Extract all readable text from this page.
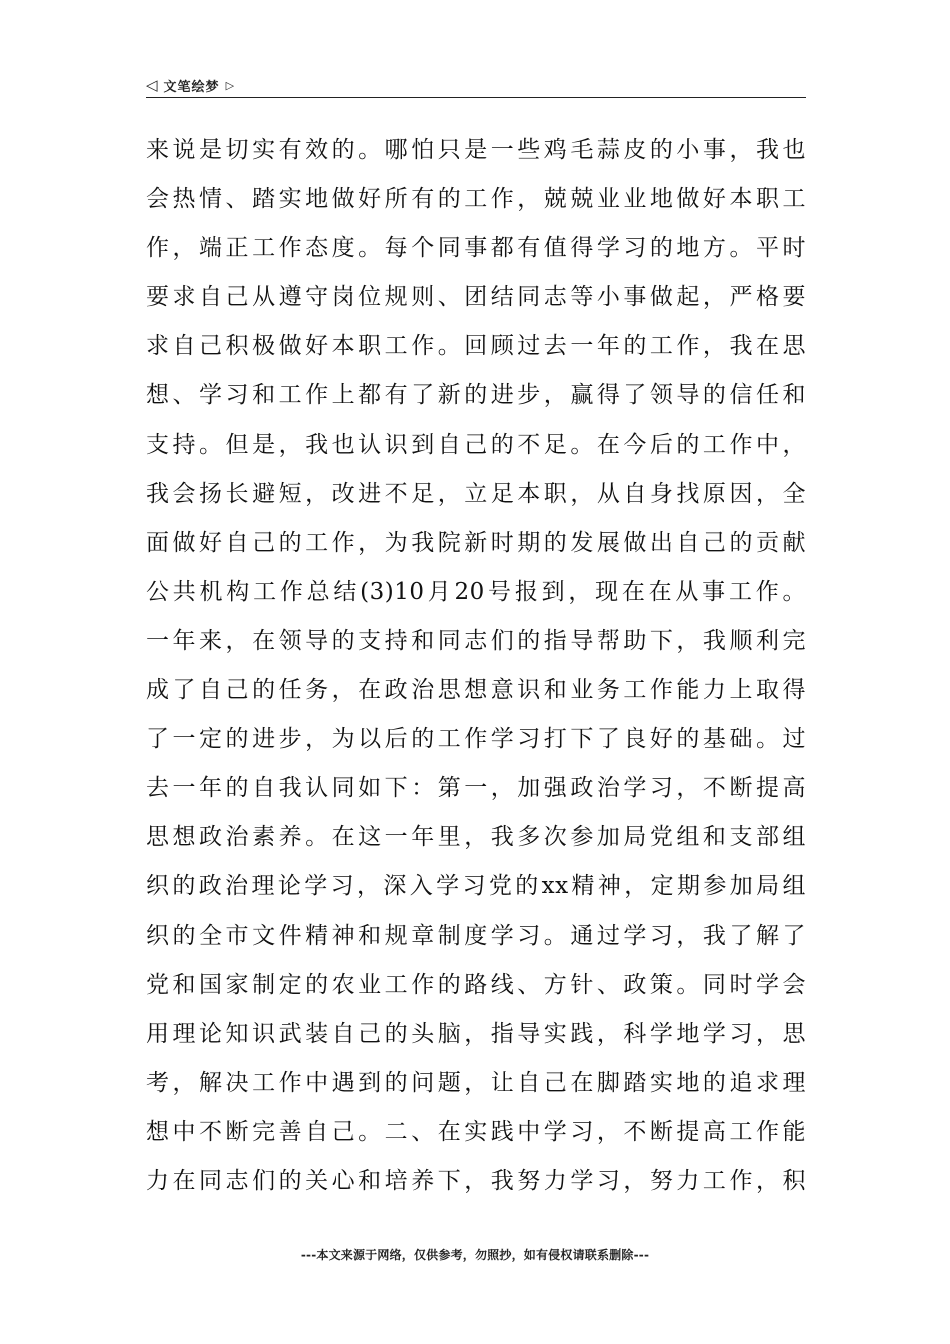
◁ 文笔绘梦 ▷
来说是切实有效的。哪怕只是一些鸡毛蒜皮的小事，我也
会热情、踏实地做好所有的工作，兢兢业业地做好本职工
作，端正工作态度。每个同事都有值得学习的地方。平时
要求自己从遵守岗位规则、团结同志等小事做起，严格要
求自己积极做好本职工作。回顾过去一年的工作，我在思
想、学习和工作上都有了新的进步，赢得了领导的信任和
支持。但是，我也认识到自己的不足。在今后的工作中，
我会扬长避短，改进不足，立足本职，从自身找原因，全
面做好自己的工作，为我院新时期的发展做出自己的贡献
公共机构工作总结(3)10月20号报到，现在在从事工作。
一年来，在领导的支持和同志们的指导帮助下，我顺利完
成了自己的任务，在政治思想意识和业务工作能力上取得
了一定的进步，为以后的工作学习打下了良好的基础。过
去一年的自我认同如下：第一，加强政治学习，不断提高
思想政治素养。在这一年里，我多次参加局党组和支部组
织的政治理论学习，深入学习党的xx精神，定期参加局组
织的全市文件精神和规章制度学习。通过学习，我了解了
党和国家制定的农业工作的路线、方针、政策。同时学会
用理论知识武装自己的头脑，指导实践，科学地学习，思
考，解决工作中遇到的问题，让自己在脚踏实地的追求理
想中不断完善自己。二、在实践中学习，不断提高工作能
力在同志们的关心和培养下，我努力学习，努力工作，积
---本文来源于网络，仅供参考，勿照抄，如有侵权请联系删除---
